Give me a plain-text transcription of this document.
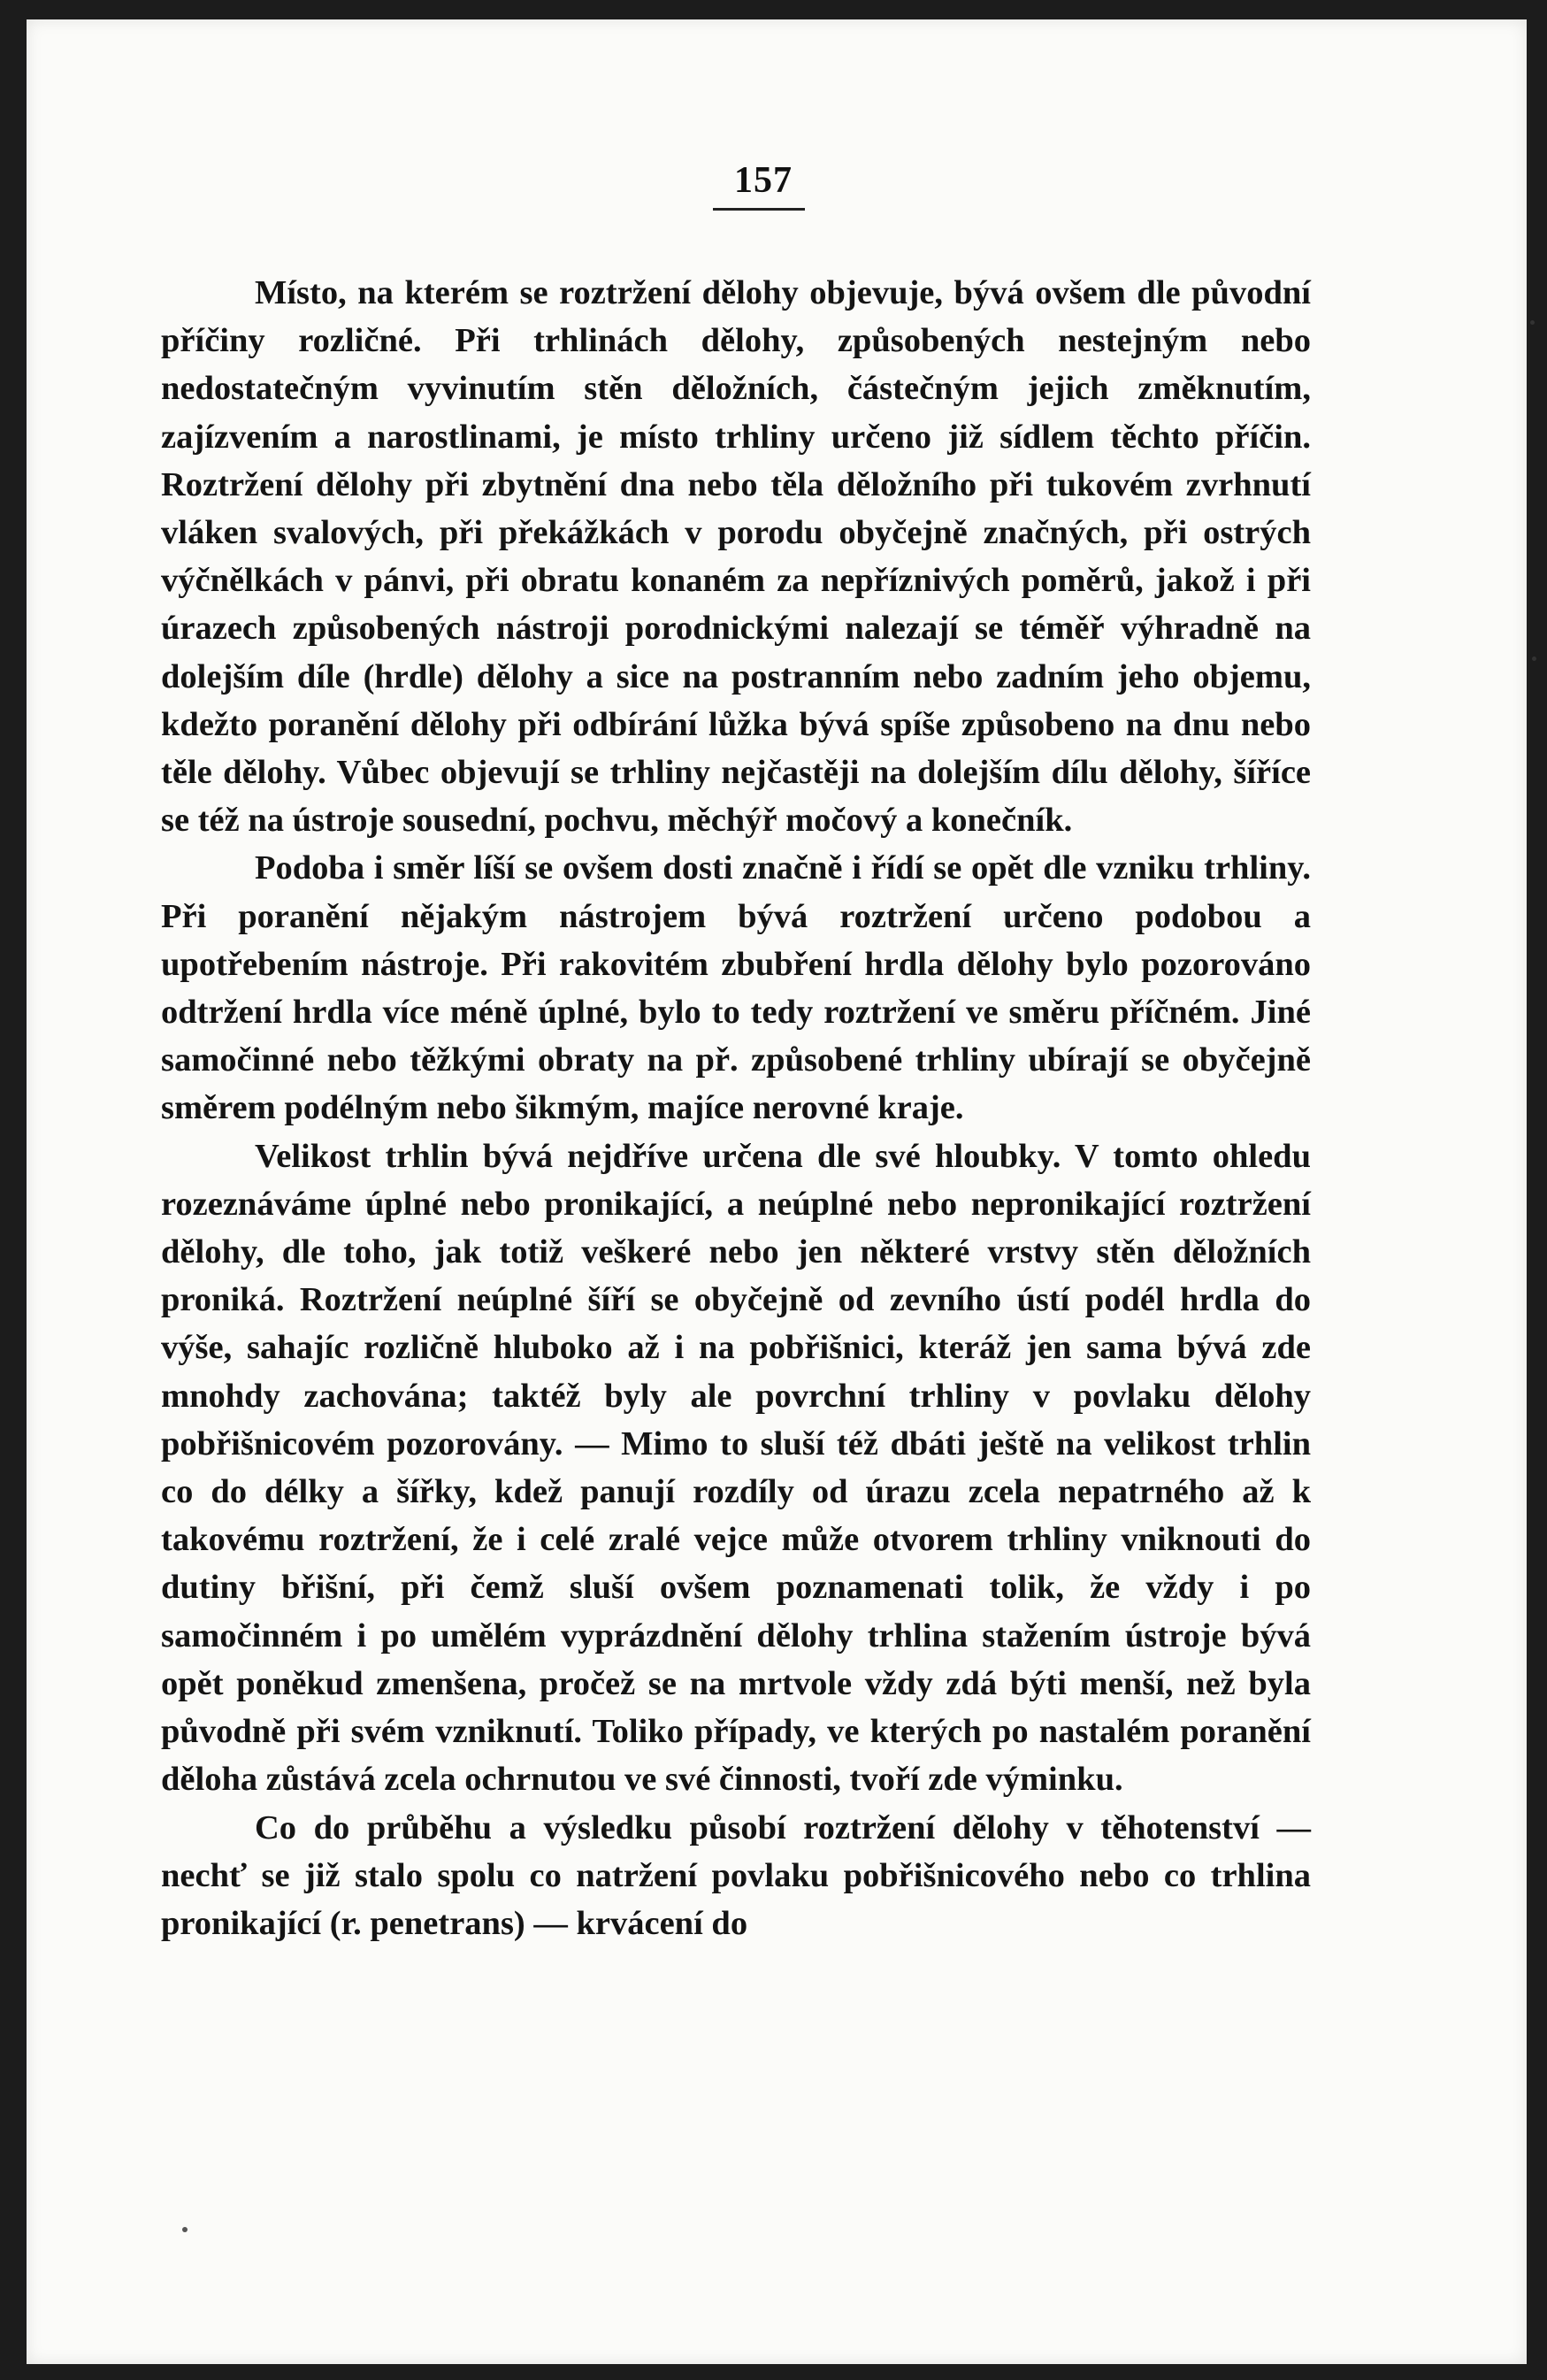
157

Místo, na kterém se roztržení dělohy objevuje, bývá ovšem dle původní příčiny rozličné. Při trhlinách dělohy, způsobených nestejným nebo nedostatečným vyvinutím stěn děložních, částečným jejich změknutím, zajízvením a narostlinami, je místo trhliny určeno již sídlem těchto příčin. Roztržení dělohy při zbytnění dna nebo těla děložního při tukovém zvrhnutí vláken svalových, při překážkách v porodu obyčejně značných, při ostrých výčnělkách v pánvi, při obratu konaném za nepříznivých poměrů, jakož i při úrazech způsobených nástroji porodnickými nalezají se téměř výhradně na dolejším díle (hrdle) dělohy a sice na postranním nebo zadním jeho objemu, kdežto poranění dělohy při odbírání lůžka bývá spíše způsobeno na dnu nebo těle dělohy. Vůbec objevují se trhliny nejčastěji na dolejším dílu dělohy, šíříce se též na ústroje sousední, pochvu, měchýř močový a konečník.

Podoba i směr líší se ovšem dosti značně i řídí se opět dle vzniku trhliny. Při poranění nějakým nástrojem bývá roztržení určeno podobou a upotřebením nástroje. Při rakovitém zbubření hrdla dělohy bylo pozorováno odtržení hrdla více méně úplné, bylo to tedy roztržení ve směru příčném. Jiné samočinné nebo těžkými obraty na př. způsobené trhliny ubírají se obyčejně směrem podélným nebo šikmým, majíce nerovné kraje.

Velikost trhlin bývá nejdříve určena dle své hloubky. V tomto ohledu rozeznáváme úplné nebo pronikající, a neúplné nebo nepronikající roztržení dělohy, dle toho, jak totiž veškeré nebo jen některé vrstvy stěn děložních proniká. Roztržení neúplné šíří se obyčejně od zevního ústí podél hrdla do výše, sahajíc rozličně hluboko až i na pobřišnici, kteráž jen sama bývá zde mnohdy zachována; taktéž byly ale povrchní trhliny v povlaku dělohy pobřišnicovém pozorovány. — Mimo to sluší též dbáti ještě na velikost trhlin co do délky a šířky, kdež panují rozdíly od úrazu zcela nepatrného až k takovému roztržení, že i celé zralé vejce může otvorem trhliny vniknouti do dutiny břišní, při čemž sluší ovšem poznamenati tolik, že vždy i po samočinném i po umělém vyprázdnění dělohy trhlina stažením ústroje bývá opět poněkud zmenšena, pročež se na mrtvole vždy zdá býti menší, než byla původně při svém vzniknutí. Toliko případy, ve kterých po nastalém poranění děloha zůstává zcela ochrnutou ve své činnosti, tvoří zde výminku.

Co do průběhu a výsledku působí roztržení dělohy v těhotenství — nechť se již stalo spolu co natržení povlaku pobřišnicového nebo co trhlina pronikající (r. penetrans) — krvácení do
